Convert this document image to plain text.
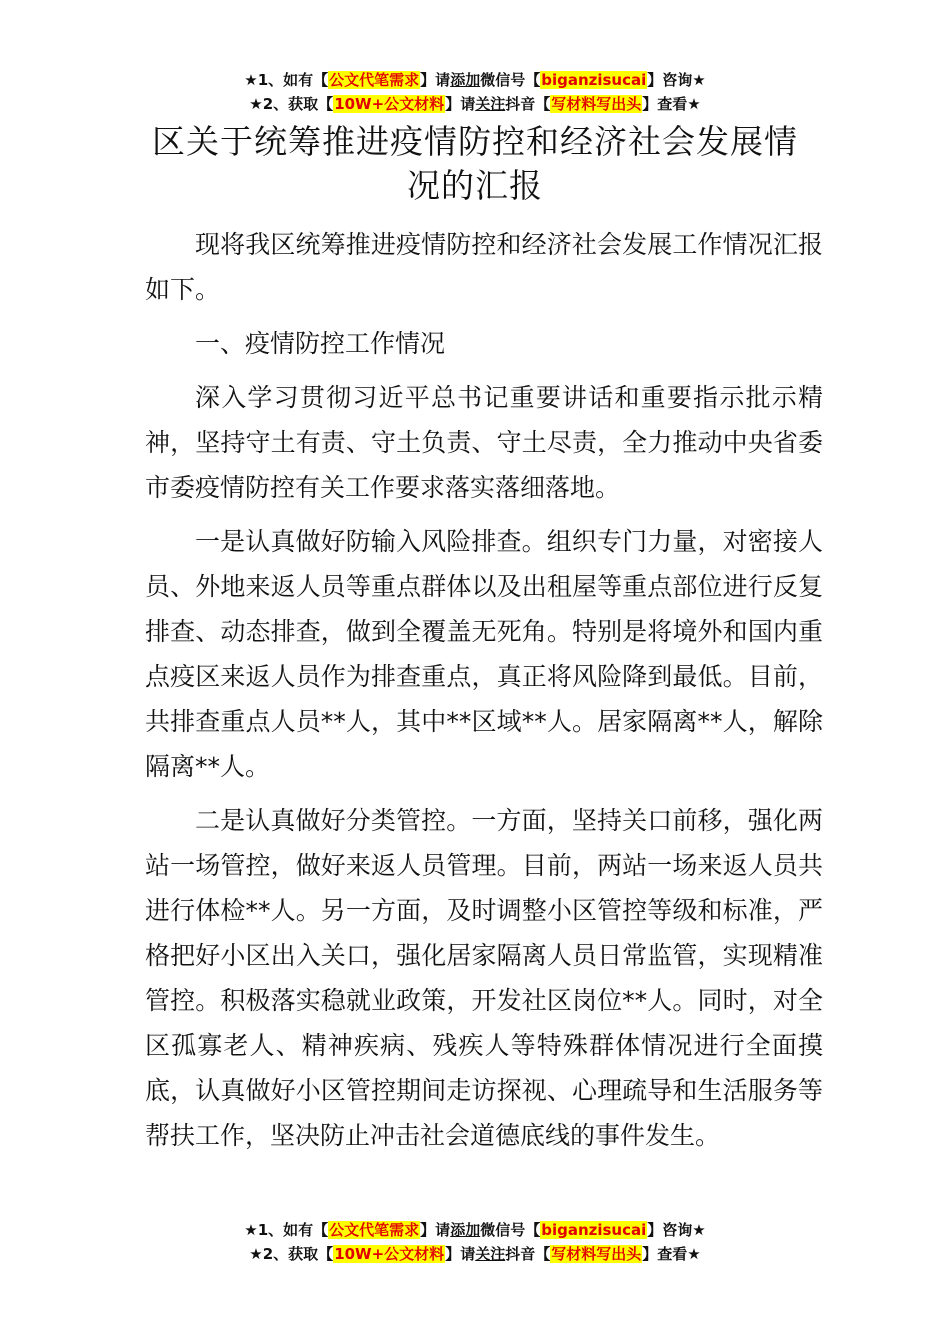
★1、如有【公文代笔需求】请添加微信号【biganzisucai】咨询★
★2、获取【10W+公文材料】请关注抖音【写材料写出头】查看★
区关于统筹推进疫情防控和经济社会发展情况的汇报

现将我区统筹推进疫情防控和经济社会发展工作情况汇报如下。

一、疫情防控工作情况

深入学习贯彻习近平总书记重要讲话和重要指示批示精神，坚持守土有责、守土负责、守土尽责，全力推动中央省委市委疫情防控有关工作要求落实落细落地。

一是认真做好防输入风险排查。组织专门力量，对密接人员、外地来返人员等重点群体以及出租屋等重点部位进行反复排查、动态排查，做到全覆盖无死角。特别是将境外和国内重点疫区来返人员作为排查重点，真正将风险降到最低。目前，共排查重点人员**人，其中**区域**人。居家隔离**人，解除隔离**人。

二是认真做好分类管控。一方面，坚持关口前移，强化两站一场管控，做好来返人员管理。目前，两站一场来返人员共进行体检**人。另一方面，及时调整小区管控等级和标准，严格把好小区出入关口，强化居家隔离人员日常监管，实现精准管控。积极落实稳就业政策，开发社区岗位**人。同时，对全区孤寡老人、精神疾病、残疾人等特殊群体情况进行全面摸底，认真做好小区管控期间走访探视、心理疏导和生活服务等帮扶工作，坚决防止冲击社会道德底线的事件发生。

★1、如有【公文代笔需求】请添加微信号【biganzisucai】咨询★
★2、获取【10W+公文材料】请关注抖音【写材料写出头】查看★
